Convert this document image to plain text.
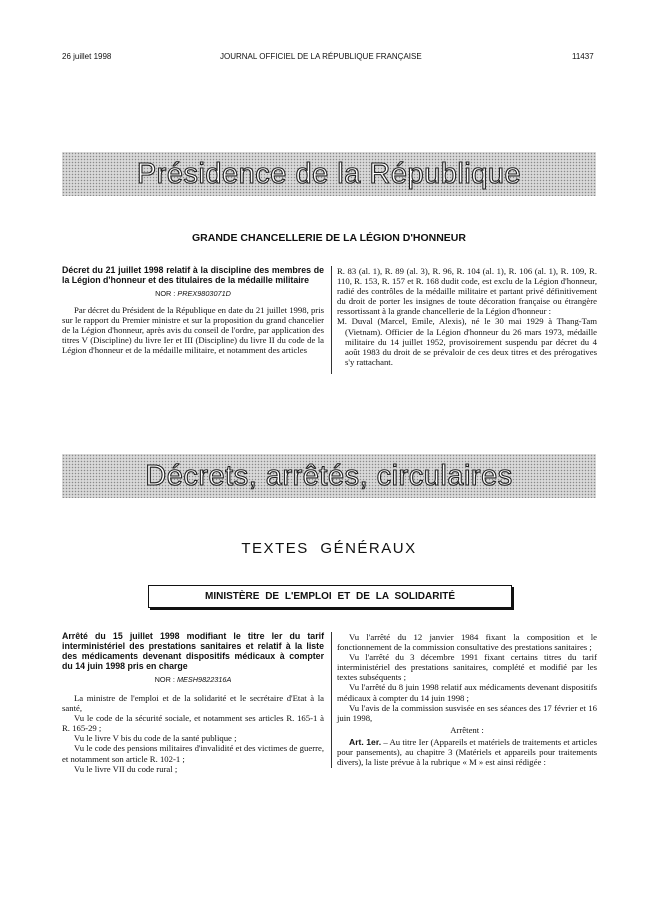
26 juillet 1998	JOURNAL OFFICIEL DE LA RÉPUBLIQUE FRANÇAISE	11437
Présidence de la République
GRANDE CHANCELLERIE DE LA LÉGION D'HONNEUR
Décret du 21 juillet 1998 relatif à la discipline des membres de la Légion d'honneur et des titulaires de la médaille militaire
NOR : PREX9803071D

Par décret du Président de la République en date du 21 juillet 1998, pris sur le rapport du Premier ministre et sur la proposition du grand chancelier de la Légion d'honneur, après avis du conseil de l'ordre, par application des titres V (Discipline) du livre Ier et III (Discipline) du livre II du code de la Légion d'honneur et de la médaille militaire, et notamment des articles

R. 83 (al. 1), R. 89 (al. 3), R. 96, R. 104 (al. 1), R. 106 (al. 1), R. 109, R. 110, R. 153, R. 157 et R. 168 dudit code, est exclu de la Légion d'honneur, radié des contrôles de la médaille militaire et partant privé définitivement du droit de porter les insignes de toute décoration française ou étrangère ressortissant à la grande chancellerie de la Légion d'honneur :

M. Duval (Marcel, Emile, Alexis), né le 30 mai 1929 à Thang-Tam (Vietnam). Officier de la Légion d'honneur du 26 mars 1973, médaille militaire du 14 juillet 1952, provisoirement suspendu par décret du 4 août 1983 du droit de se prévaloir de ces deux titres et des prérogatives s'y rattachant.

Décrets, arrêtés, circulaires
TEXTES GÉNÉRAUX
MINISTÈRE DE L'EMPLOI ET DE LA SOLIDARITÉ
Arrêté du 15 juillet 1998 modifiant le titre Ier du tarif interministériel des prestations sanitaires et relatif à la liste des médicaments devenant dispositifs médicaux à compter du 14 juin 1998 pris en charge
NOR : MESH9822316A

La ministre de l'emploi et de la solidarité et le secrétaire d'Etat à la santé,

Vu le code de la sécurité sociale, et notamment ses articles R. 165-1 à R. 165-29 ;

Vu le livre V bis du code de la santé publique ;

Vu le code des pensions militaires d'invalidité et des victimes de guerre, et notamment son article R. 102-1 ;

Vu le livre VII du code rural ;

Vu l'arrêté du 12 janvier 1984 fixant la composition et le fonctionnement de la commission consultative des prestations sanitaires ;

Vu l'arrêté du 3 décembre 1991 fixant certains titres du tarif interministériel des prestations sanitaires, complété et modifié par les textes subséquents ;

Vu l'arrêté du 8 juin 1998 relatif aux médicaments devenant dispositifs médicaux à compter du 14 juin 1998 ;

Vu l'avis de la commission susvisée en ses séances des 17 février et 16 juin 1998,

Arrêtent :

Art. 1er. – Au titre Ier (Appareils et matériels de traitements et articles pour pansements), au chapitre 3 (Matériels et appareils pour traitements divers), la liste prévue à la rubrique « M » est ainsi rédigée :
